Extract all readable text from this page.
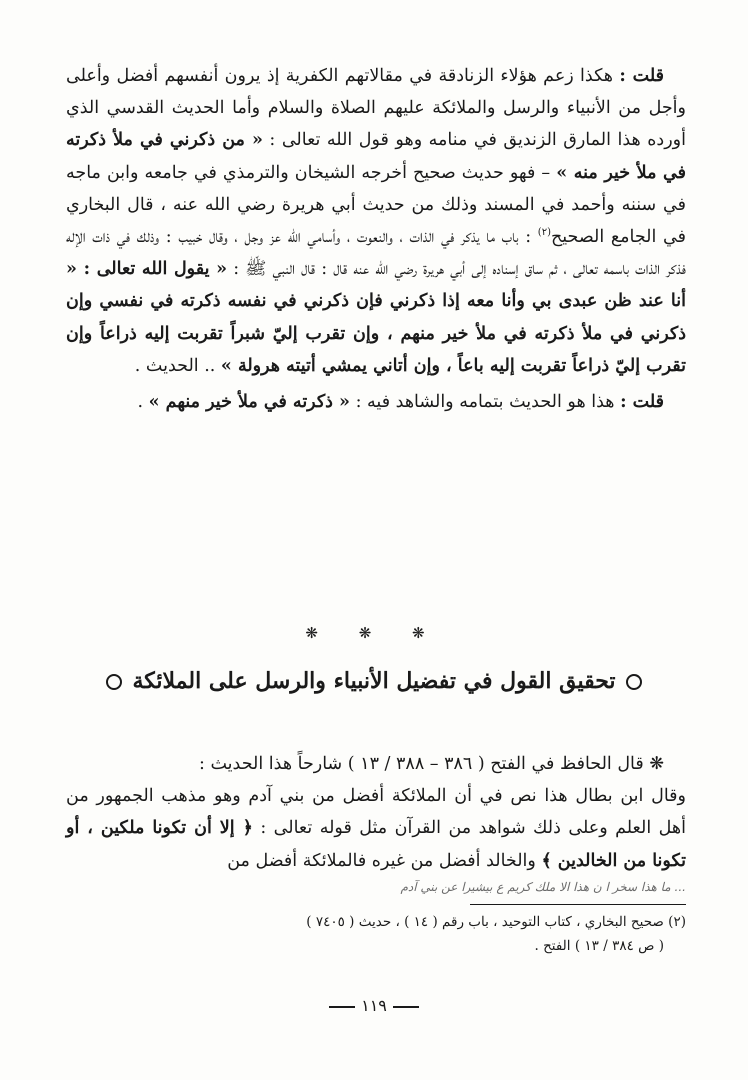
قلت : هكذا زعم هؤلاء الزنادقة في مقالاتهم الكفرية إذ يرون أنفسهم أفضل وأعلى وأجل من الأنبياء والرسل والملائكة عليهم الصلاة والسلام وأما الحديث القدسي الذي أورده هذا المارق الزنديق في منامه وهو قول الله تعالى : « من ذكرني في ملأ ذكرته في ملأ خير منه » – فهو حديث صحيح أخرجه الشيخان والترمذي في جامعه وابن ماجه في سننه وأحمد في المسند وذلك من حديث أبي هريرة رضي الله عنه ، قال البخاري في الجامع الصحيح$^{(٢)}$ : باب ما يذكر في الذات ، والنعوت ، وأسامي الله عز وجل ، وقال خبيب : وذلك في ذات الإله فذكر الذات باسمه تعالى ، ثم ساق إسناده إلى أبي هريرة رضي الله عنه قال : قال النبي ﷺ : « يقول الله تعالى : « أنا عند ظن عبدى بي وأنا معه إذا ذكرني فإن ذكرني في نفسه ذكرته في نفسي وإن ذكرني في ملأ ذكرته في ملأ خير منهم ، وإن تقرب إليّ شبراً تقربت إليه ذراعاً وإن تقرب إليّ ذراعاً تقربت إليه باعاً ، وإن أتاني يمشي أتيته هرولة » .. الحديث .

قلت : هذا هو الحديث بتمامه والشاهد فيه : « ذكرته في ملأ خير منهم » .

❋ ❋ ❋
تحقيق القول في تفضيل الأنبياء والرسل على الملائكة

❋ قال الحافظ في الفتح ( ٣٨٦ – ٣٨٨ / ١٣ ) شارحاً هذا الحديث :

وقال ابن بطال هذا نص في أن الملائكة أفضل من بني آدم وهو مذهب الجمهور من أهل العلم وعلى ذلك شواهد من القرآن مثل قوله تعالى : ﴿ إلا أن تكونا ملكين ، أو تكونا من الخالدين ﴾ والخالد أفضل من غيره فالملائكة أفضل من

... ما هذا سخر ا ن هذا الا ملك كريم ع بيشيرا عن بني آدم
(٢) صحيح البخاري ، كتاب التوحيد ، باب رقم ( ١٤ ) ، حديث ( ٧٤٠٥ )
( ص ٣٨٤ / ١٣ ) الفتح .
١١٩
